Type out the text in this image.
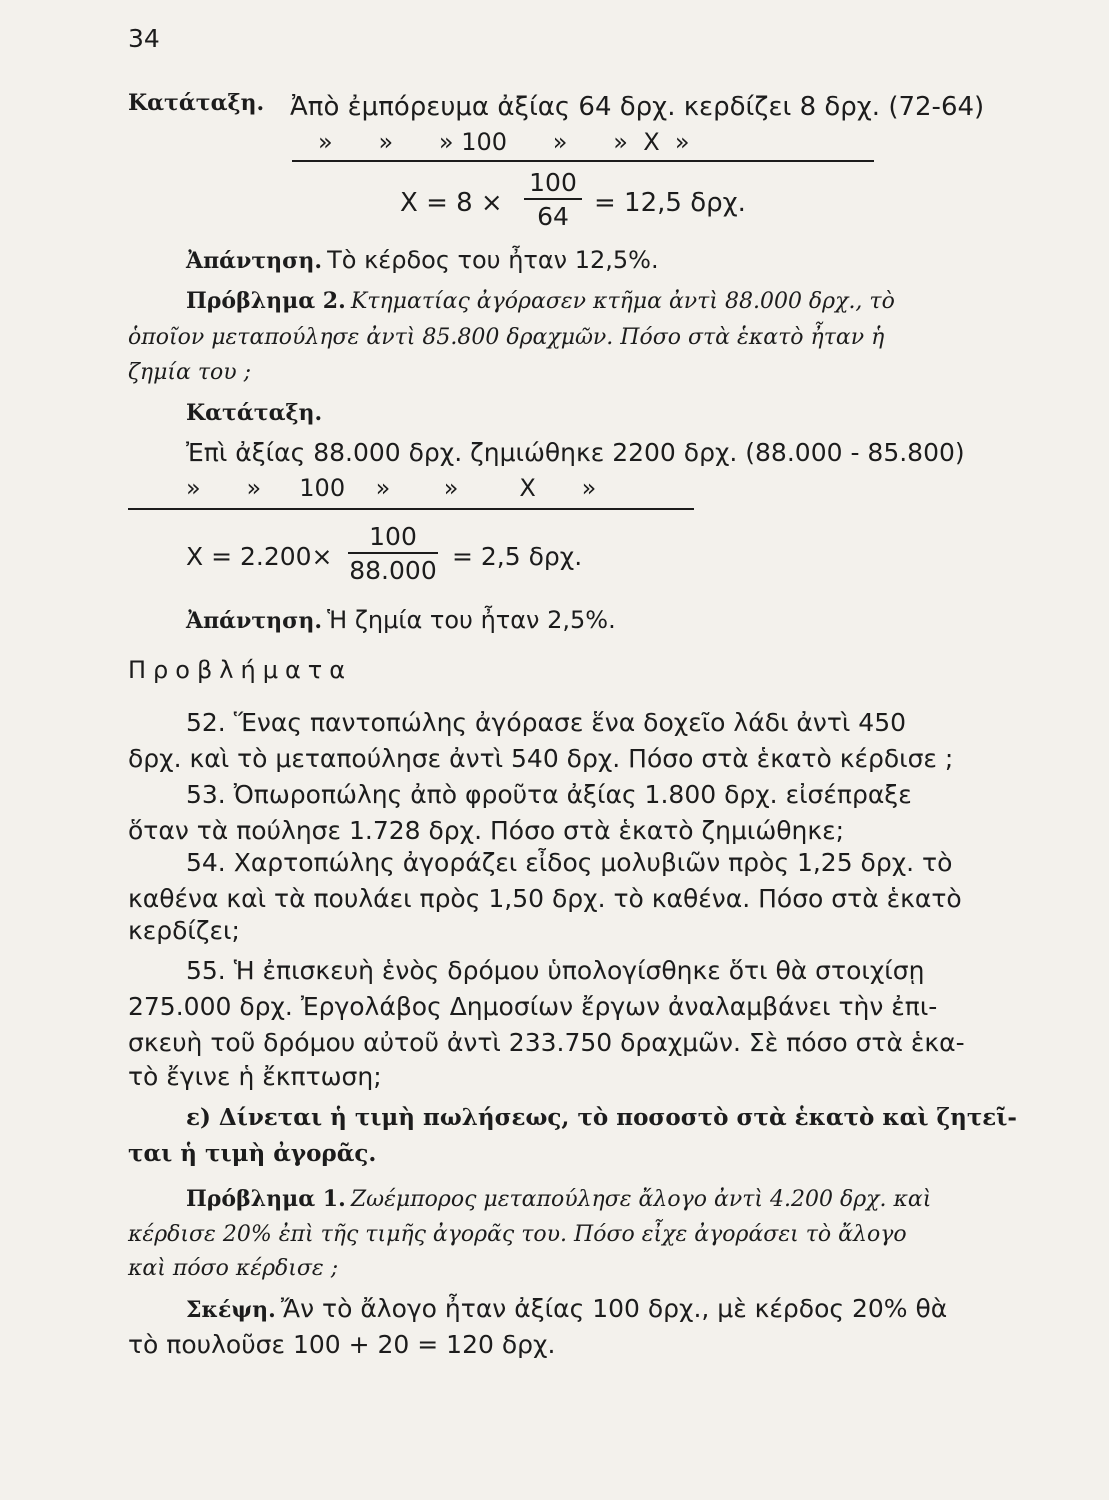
34
Κατάταξη. Ἀπὸ ἐμπόρευμα ἀξίας 64 δρχ. κερδίζει 8 δρχ. (72-64)
»      »      » 100      »      »  X  »
X = 8 ×
100
64 = 12,5 δρχ.
Ἀπάντηση. Τὸ κέρδος του ἦταν 12,5%.
Πρόβλημα 2. Κτηματίας ἀγόρασεν κτῆμα ἀντὶ 88.000 δρχ., τὸ
ὁποῖον μεταπούλησε ἀντὶ 85.800 δραχμῶν. Πόσο στὰ ἑκατὸ ἦταν ἡ
ζημία του ;
Κατάταξη.
Ἐπὶ ἀξίας 88.000 δρχ. ζημιώθηκε 2200 δρχ. (88.000 - 85.800)
»      »     100    »       »        X      »
X = 2.200×
100
88.000 = 2,5 δρχ.
Ἀπάντηση. Ἡ ζημία του ἦταν 2,5%.
Προβλήματα
52. Ἕνας παντοπώλης ἀγόρασε ἕνα δοχεῖο λάδι ἀντὶ 450
δρχ. καὶ τὸ μεταπούλησε ἀντὶ 540 δρχ. Πόσο στὰ ἑκατὸ κέρδισε ;
53. Ὀπωροπώλης ἀπὸ φροῦτα ἀξίας 1.800 δρχ. εἰσέπραξε
ὅταν τὰ πούλησε 1.728 δρχ. Πόσο στὰ ἑκατὸ ζημιώθηκε;
54. Χαρτοπώλης ἀγοράζει εἶδος μολυβιῶν πρὸς 1,25 δρχ. τὸ
καθένα καὶ τὰ πουλάει πρὸς 1,50 δρχ. τὸ καθένα. Πόσο στὰ ἑκατὸ
κερδίζει;
55. Ἡ ἐπισκευὴ ἑνὸς δρόμου ὑπολογίσθηκε ὅτι θὰ στοιχίσῃ
275.000 δρχ. Ἐργολάβος Δημοσίων ἔργων ἀναλαμβάνει τὴν ἐπι-
σκευὴ τοῦ δρόμου αὐτοῦ ἀντὶ 233.750 δραχμῶν. Σὲ πόσο στὰ ἑκα-
τὸ ἔγινε ἡ ἔκπτωση;
ε) Δίνεται ἡ τιμὴ πωλήσεως, τὸ ποσοστὸ στὰ ἑκατὸ καὶ ζητεῖ-
ται ἡ τιμὴ ἀγορᾶς.
Πρόβλημα 1. Ζωέμπορος μεταπούλησε ἄλογο ἀντὶ 4.200 δρχ. καὶ
κέρδισε 20% ἐπὶ τῆς τιμῆς ἀγορᾶς του. Πόσο εἶχε ἀγοράσει τὸ ἄλογο
καὶ πόσο κέρδισε ;
Σκέψη. Ἄν τὸ ἄλογο ἦταν ἀξίας 100 δρχ., μὲ κέρδος 20% θὰ
τὸ πουλοῦσε 100 + 20 = 120 δρχ.
